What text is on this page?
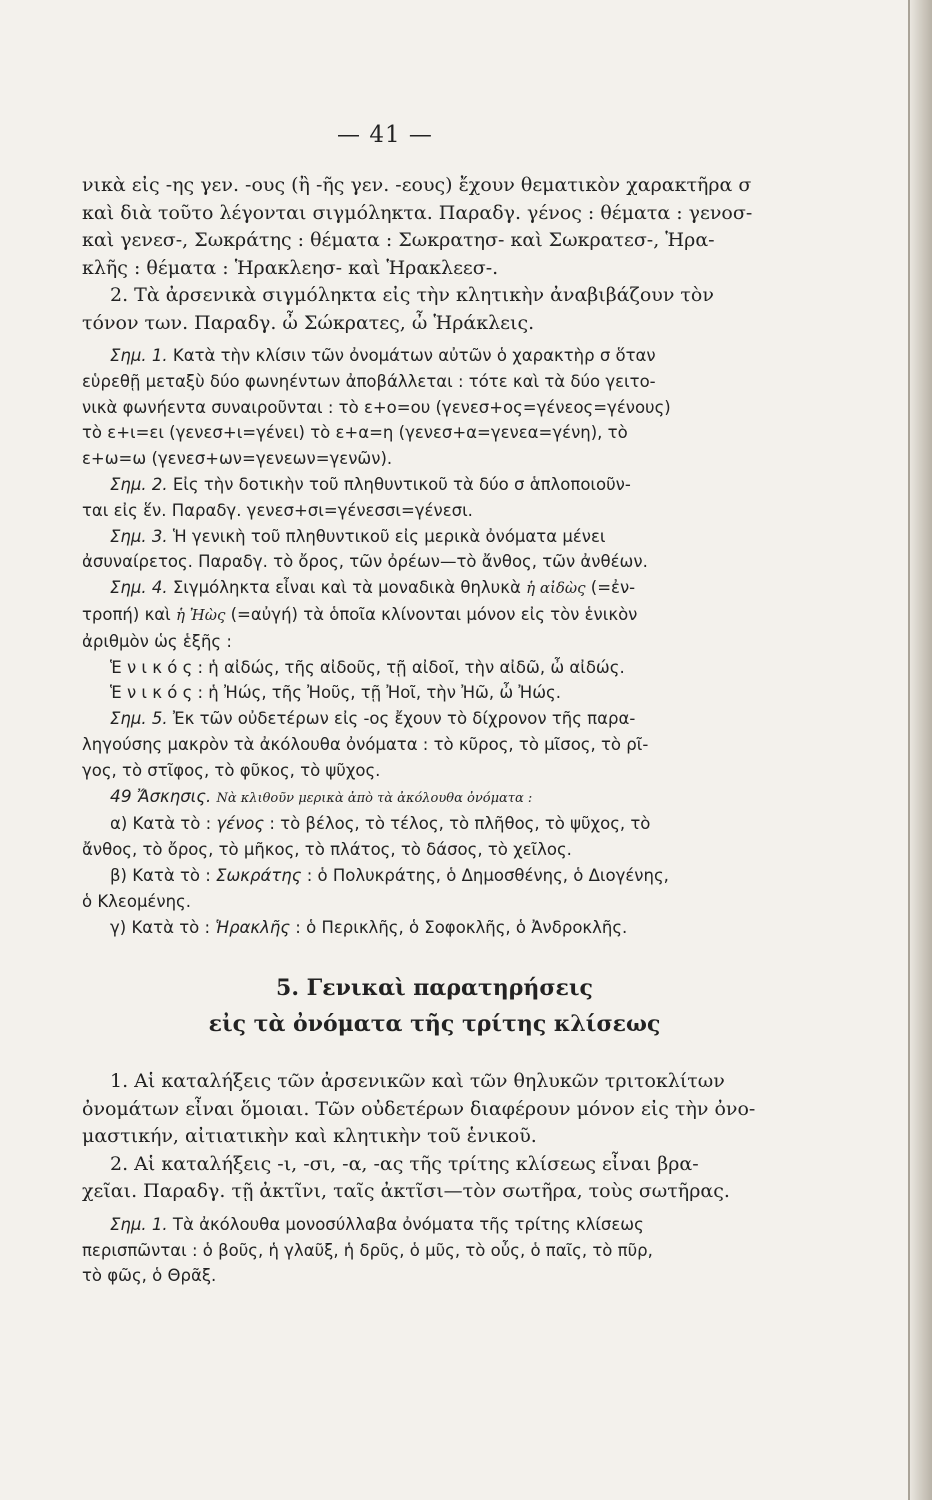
— 41 —

νικὰ εἰς -ης γεν. -ους (ἢ -ῆς γεν. -εους) ἔχουν θεματικὸν χαρακτῆρα σ

καὶ διὰ τοῦτο λέγονται σιγμόληκτα. Παραδγ. γένος : θέματα : γενοσ-

καὶ γενεσ-, Σωκράτης : θέματα : Σωκρατησ- καὶ Σωκρατεσ-, Ἡρα-

κλῆς : θέματα : Ἡρακλεησ- καὶ Ἡρακλεεσ-.

2. Τὰ ἀρσενικὰ σιγμόληκτα εἰς τὴν κλητικὴν ἀναβιβάζουν τὸν

τόνον των. Παραδγ. ὦ Σώκρατες, ὦ Ἡράκλεις.

Σημ. 1. Κατὰ τὴν κλίσιν τῶν ὀνομάτων αὐτῶν ὁ χαρακτὴρ σ ὅταν

εὑρεθῇ μεταξὺ δύο φωνηέντων ἀποβάλλεται : τότε καὶ τὰ δύο γειτο-

νικὰ φωνήεντα συναιροῦνται : τὸ ε+ο=ου (γενεσ+ος=γένεος=γένους)

τὸ ε+ι=ει (γενεσ+ι=γένει) τὸ ε+α=η (γενεσ+α=γενεα=γένη), τὸ

ε+ω=ω (γενεσ+ων=γενεων=γενῶν).

Σημ. 2. Εἰς τὴν δοτικὴν τοῦ πληθυντικοῦ τὰ δύο σ ἁπλοποιοῦν-

ται εἰς ἕν. Παραδγ. γενεσ+σι=γένεσσι=γένεσι.

Σημ. 3. Ἡ γενικὴ τοῦ πληθυντικοῦ εἰς μερικὰ ὀνόματα μένει

ἀσυναίρετος. Παραδγ. τὸ ὄρος, τῶν ὀρέων—τὸ ἄνθος, τῶν ἀνθέων.

Σημ. 4. Σιγμόληκτα εἶναι καὶ τὰ μοναδικὰ θηλυκὰ ἡ αἰδὼς (=ἐν-

τροπή) καὶ ἡ Ἠὼς (=αὐγή) τὰ ὁποῖα κλίνονται μόνον εἰς τὸν ἑνικὸν

ἀριθμὸν ὡς ἑξῆς :

Ἑ ν ι κ ό ς : ἡ αἰδώς, τῆς αἰδοῦς, τῇ αἰδοῖ, τὴν αἰδῶ, ὦ αἰδώς.

Ἑ ν ι κ ό ς : ἡ Ἠώς, τῆς Ἠοῦς, τῇ Ἠοῖ, τὴν Ἠῶ, ὦ Ἠώς.

Σημ. 5. Ἐκ τῶν οὐδετέρων εἰς -ος ἔχουν τὸ δίχρονον τῆς παρα-

ληγούσης μακρὸν τὰ ἀκόλουθα ὀνόματα : τὸ κῦρος, τὸ μῖσος, τὸ ρῖ-

γος, τὸ στῖφος, τὸ φῦκος, τὸ ψῦχος.

49 Ἄσκησις. Νὰ κλιθοῦν μερικὰ ἀπὸ τὰ ἀκόλουθα ὀνόματα :

α) Κατὰ τὸ : γένος : τὸ βέλος, τὸ τέλος, τὸ πλῆθος, τὸ ψῦχος, τὸ

ἄνθος, τὸ ὄρος, τὸ μῆκος, τὸ πλάτος, τὸ δάσος, τὸ χεῖλος.

β) Κατὰ τὸ : Σωκράτης : ὁ Πολυκράτης, ὁ Δημοσθένης, ὁ Διογένης,

ὁ Κλεομένης.

γ) Κατὰ τὸ : Ἡρακλῆς : ὁ Περικλῆς, ὁ Σοφοκλῆς, ὁ Ἀνδροκλῆς.

5. Γενικαὶ παρατηρήσεις
εἰς τὰ ὀνόματα τῆς τρίτης κλίσεως

1. Αἱ καταλήξεις τῶν ἀρσενικῶν καὶ τῶν θηλυκῶν τριτοκλίτων

ὀνομάτων εἶναι ὅμοιαι. Τῶν οὐδετέρων διαφέρουν μόνον εἰς τὴν ὀνο-

μαστικήν, αἰτιατικὴν καὶ κλητικὴν τοῦ ἑνικοῦ.

2. Αἱ καταλήξεις -ι, -σι, -α, -ας τῆς τρίτης κλίσεως εἶναι βρα-

χεῖαι. Παραδγ. τῇ ἀκτῖνι, ταῖς ἀκτῖσι—τὸν σωτῆρα, τοὺς σωτῆρας.

Σημ. 1. Τὰ ἀκόλουθα μονοσύλλαβα ὀνόματα τῆς τρίτης κλίσεως

περισπῶνται : ὁ βοῦς, ἡ γλαῦξ, ἡ δρῦς, ὁ μῦς, τὸ οὖς, ὁ παῖς, τὸ πῦρ,

τὸ φῶς, ὁ Θρᾶξ.
